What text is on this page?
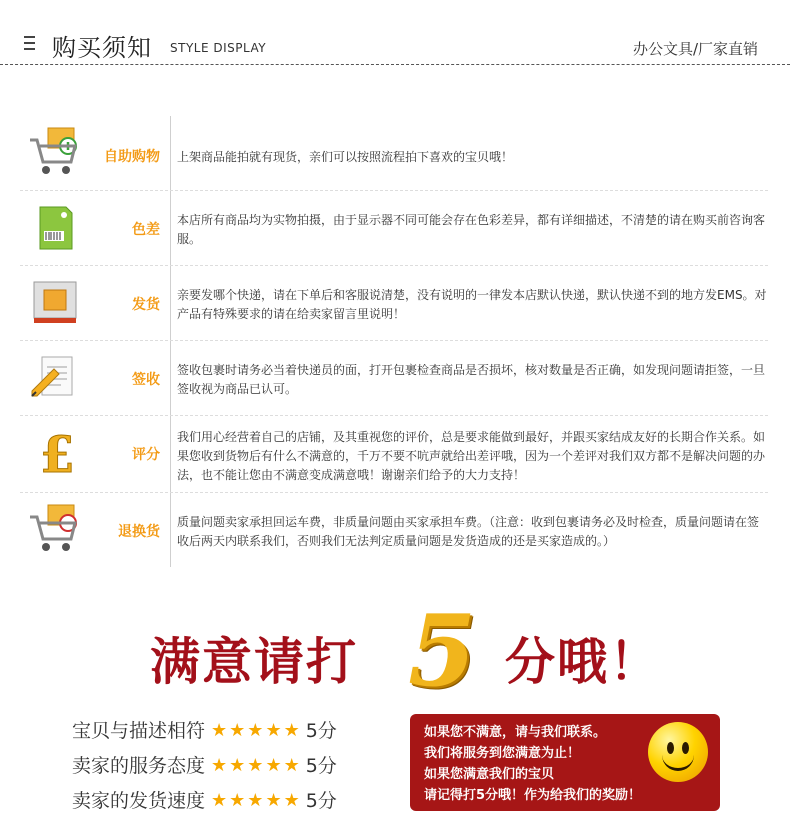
购买须知 STYLE DISPLAY	办公文具/厂家直销
自助购物 上架商品能拍就有现货，亲们可以按照流程拍下喜欢的宝贝哦！
色差
本店所有商品均为实物拍摄，由于显示器不同可能会存在色彩差异，都有详细描述，不清楚的请在购买前咨询客服。
发货
亲要发哪个快递，请在下单后和客服说清楚，没有说明的一律发本店默认快递，默认快递不到的地方发EMS。对产品有特殊要求的请在给卖家留言里说明！
签收
签收包裹时请务必当着快递员的面，打开包裹检查商品是否损坏，核对数量是否正确，如发现问题请拒签，一旦签收视为商品已认可。
£	评分
我们用心经营着自己的店铺，及其重视您的评价，总是要求能做到最好，并跟买家结成友好的长期合作关系。如果您收到货物后有什么不满意的，千万不要不吭声就给出差评哦，因为一个差评对我们双方都不是解决问题的办法，也不能让您由不满意变成满意哦！谢谢亲们给予的大力支持！
退换货
质量问题卖家承担回运车费，非质量问题由买家承担车费。（注意：收到包裹请务必及时检查，质量问题请在签收后两天内联系我们，否则我们无法判定质量问题是发货造成的还是买家造成的。）
满意请打 5 分哦！
宝贝与描述相符 ★ ★ ★ ★ ★ 5分
卖家的服务态度 ★ ★ ★ ★ ★ 5分
卖家的发货速度 ★ ★ ★ ★ ★ 5分
如果您不满意，请与我们联系。
我们将服务到您满意为止！
如果您满意我们的宝贝
请记得打5分哦！作为给我们的奖励！
